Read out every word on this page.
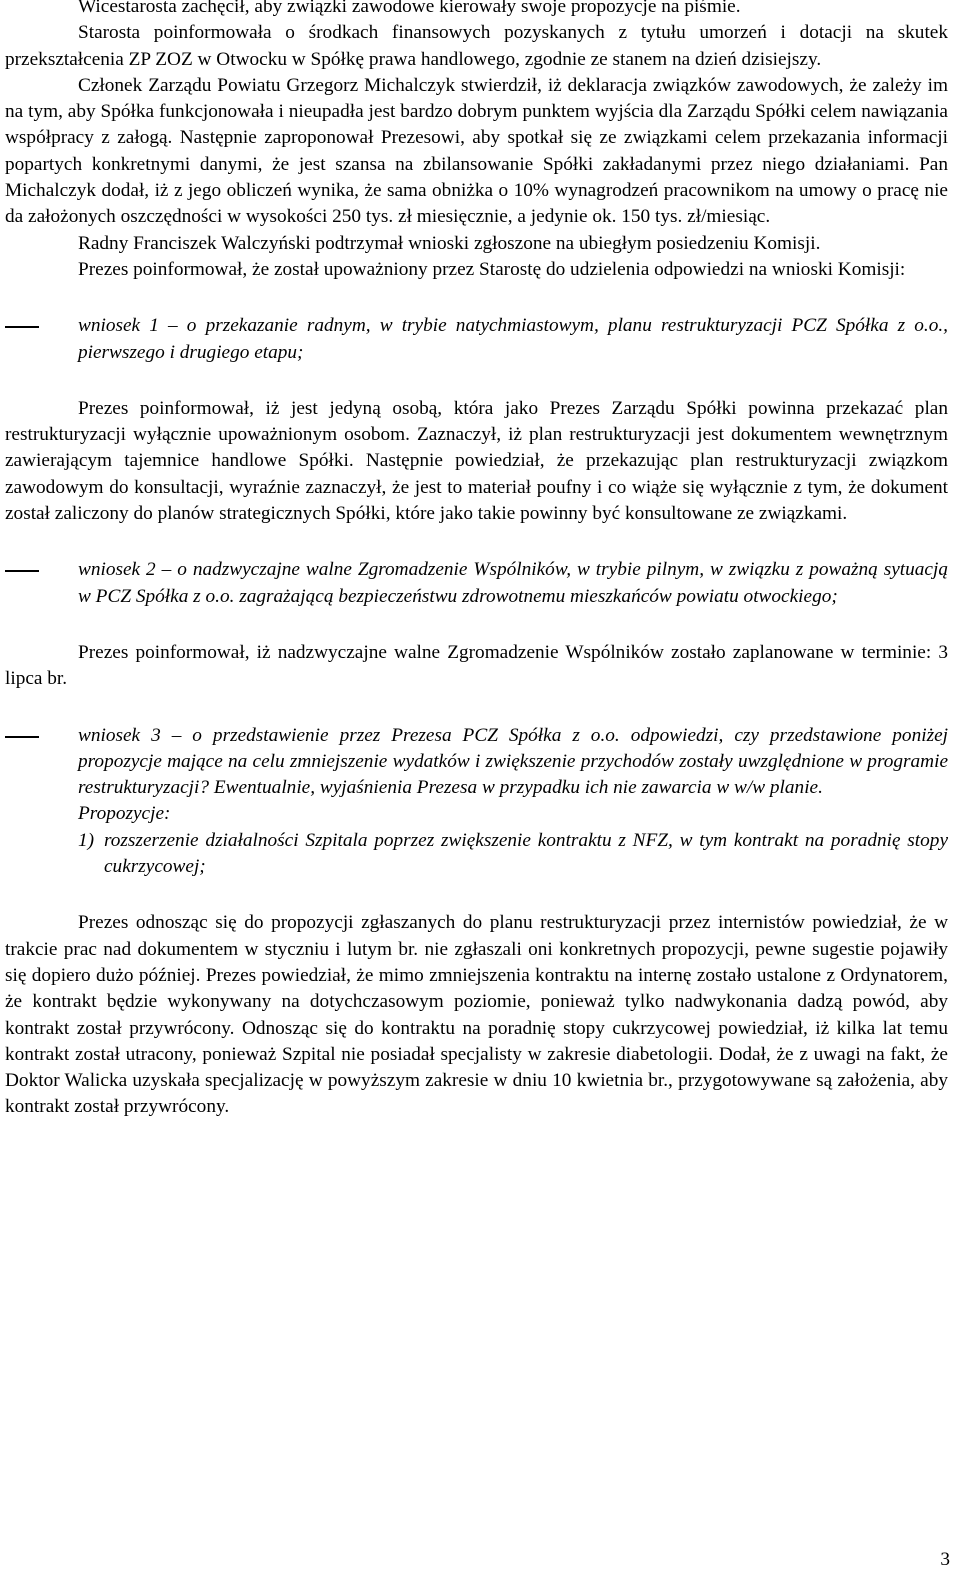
Wicestarosta zachęcił, aby związki zawodowe kierowały swoje propozycje na piśmie.

Starosta poinformowała o środkach finansowych pozyskanych z tytułu umorzeń i dotacji na skutek przekształcenia ZP ZOZ w Otwocku w Spółkę prawa handlowego, zgodnie ze stanem na dzień dzisiejszy.

Członek Zarządu Powiatu Grzegorz Michalczyk stwierdził, iż deklaracja związków zawodowych, że zależy im na tym, aby Spółka funkcjonowała i nieupadła jest bardzo dobrym punktem wyjścia dla Zarządu Spółki celem nawiązania współpracy z załogą. Następnie zaproponował Prezesowi, aby spotkał się ze związkami celem przekazania informacji popartych konkretnymi danymi, że jest szansa na zbilansowanie Spółki zakładanymi przez niego działaniami. Pan Michalczyk dodał, iż z jego obliczeń wynika, że sama obniżka o 10% wynagrodzeń pracownikom na umowy o pracę nie da założonych oszczędności w wysokości 250 tys. zł miesięcznie, a jedynie ok. 150 tys. zł/miesiąc.

Radny Franciszek Walczyński podtrzymał wnioski zgłoszone na ubiegłym posiedzeniu Komisji.

Prezes poinformował, że został upoważniony przez Starostę do udzielenia odpowiedzi na wnioski Komisji:

wniosek 1 – o przekazanie radnym, w trybie natychmiastowym, planu restrukturyzacji PCZ Spółka z o.o., pierwszego i drugiego etapu;

Prezes poinformował, iż jest jedyną osobą, która jako Prezes Zarządu Spółki powinna przekazać plan restrukturyzacji wyłącznie upoważnionym osobom. Zaznaczył, iż plan restrukturyzacji jest dokumentem wewnętrznym zawierającym tajemnice handlowe Spółki. Następnie powiedział, że przekazując plan restrukturyzacji związkom zawodowym do konsultacji, wyraźnie zaznaczył, że jest to materiał poufny i co wiąże się wyłącznie z tym, że dokument został zaliczony do planów strategicznych Spółki, które jako takie powinny być konsultowane ze związkami.

wniosek 2 – o nadzwyczajne walne Zgromadzenie Wspólników, w trybie pilnym, w związku z poważną sytuacją w PCZ Spółka z o.o. zagrażającą bezpieczeństwu zdrowotnemu mieszkańców powiatu otwockiego;

Prezes poinformował, iż nadzwyczajne walne Zgromadzenie Wspólników zostało zaplanowane w terminie: 3 lipca br.

wniosek 3 – o przedstawienie przez Prezesa PCZ Spółka z o.o. odpowiedzi, czy przedstawione poniżej propozycje mające na celu zmniejszenie wydatków i zwiększenie przychodów zostały uwzględnione w programie restrukturyzacji? Ewentualnie, wyjaśnienia Prezesa w przypadku ich nie zawarcia w w/w planie.

Propozycje:

1) rozszerzenie działalności Szpitala poprzez zwiększenie kontraktu z NFZ, w tym kontrakt na poradnię stopy cukrzycowej;

Prezes odnosząc się do propozycji zgłaszanych do planu restrukturyzacji przez internistów powiedział, że w trakcie prac nad dokumentem w styczniu i lutym br. nie zgłaszali oni konkretnych propozycji, pewne sugestie pojawiły się dopiero dużo później. Prezes powiedział, że mimo zmniejszenia kontraktu na internę zostało ustalone z Ordynatorem, że kontrakt będzie wykonywany na dotychczasowym poziomie, ponieważ tylko nadwykonania dadzą powód, aby kontrakt został przywrócony. Odnosząc się do kontraktu na poradnię stopy cukrzycowej powiedział, iż kilka lat temu kontrakt został utracony, ponieważ Szpital nie posiadał specjalisty w zakresie diabetologii. Dodał, że z uwagi na fakt, że Doktor Walicka uzyskała specjalizację w powyższym zakresie w dniu 10 kwietnia br., przygotowywane są założenia, aby kontrakt został przywrócony.

3
